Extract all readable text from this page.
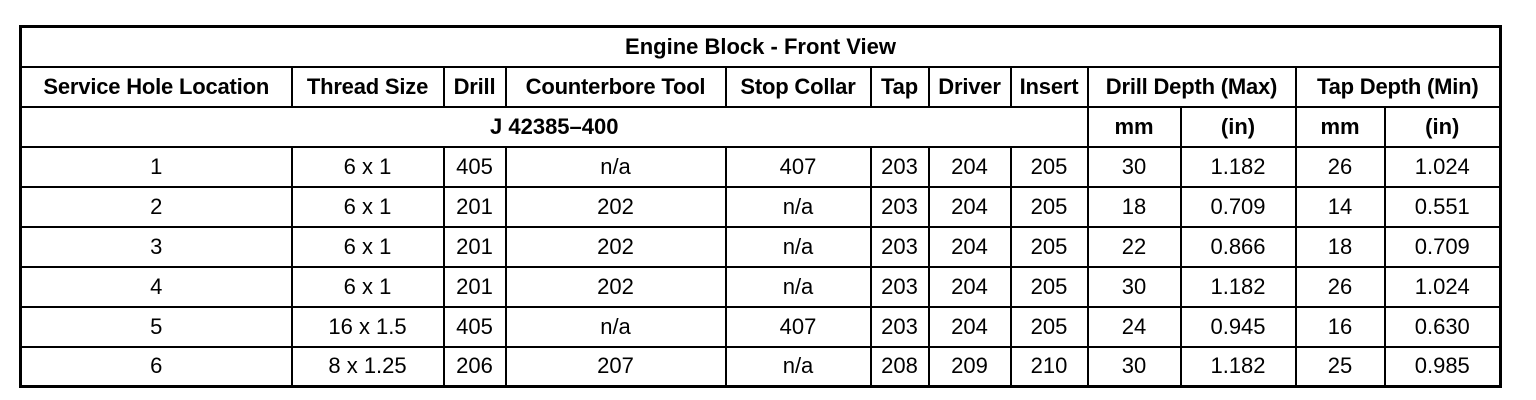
Engine Block - Front View											
Service Hole Location	Thread Size	Drill	Counterbore Tool	Stop Collar	Tap	Driver	Insert	Drill Depth (Max)		Tap Depth (Min)	
J 42385–400								mm	(in)	mm	(in)
1	6 x 1	405	n/a	407	203	204	205	30	1.182	26	1.024
2	6 x 1	201	202	n/a	203	204	205	18	0.709	14	0.551
3	6 x 1	201	202	n/a	203	204	205	22	0.866	18	0.709
4	6 x 1	201	202	n/a	203	204	205	30	1.182	26	1.024
5	16 x 1.5	405	n/a	407	203	204	205	24	0.945	16	0.630
6	8 x 1.25	206	207	n/a	208	209	210	30	1.182	25	0.985
